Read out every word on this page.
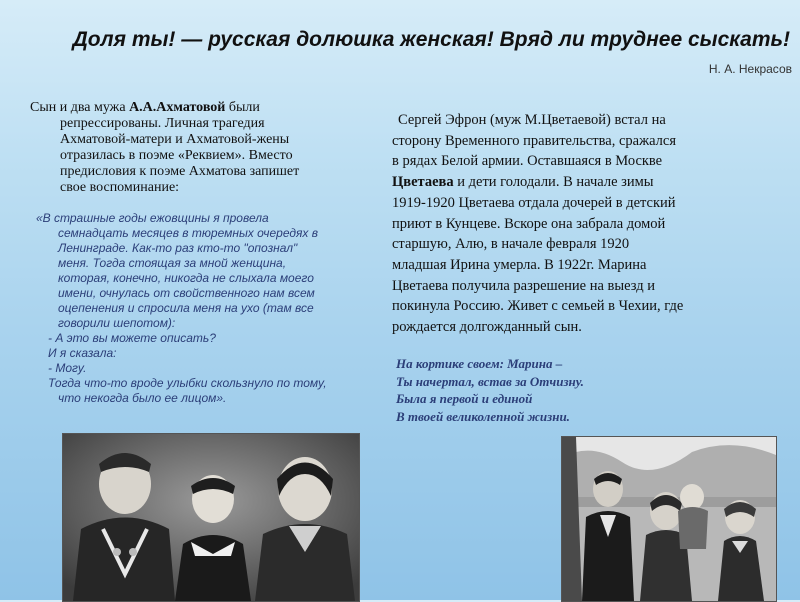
Доля ты! — русская долюшка женская! Вряд ли труднее сыскать!
Н. А. Некрасов
Сын и два мужа А.А.Ахматовой были
репрессированы. Личная трагедия
Ахматовой-матери и Ахматовой-жены
отразилась в поэме «Реквием». Вместо
предисловия к поэме Ахматова запишет
свое воспоминание:

«В страшные годы ежовщины я провела

семнадцать месяцев в тюремных очередях в

Ленинграде. Как-то раз кто-то "опознал"

меня. Тогда стоящая за мной женщина,

которая, конечно, никогда не слыхала моего

имени, очнулась от свойственного нам всем

оцепенения и спросила меня на ухо (там все

говорили шепотом):

- А это вы можете описать?

И я сказала:

- Могу.

Тогда что-то вроде улыбки скользнуло по тому,

что некогда было ее лицом».

Сергей Эфрон (муж М.Цветаевой) встал на
сторону Временного правительства, сражался
в рядах Белой армии. Оставшаяся в Москве
Цветаева и дети голодали. В начале зимы
1919-1920 Цветаева отдала дочерей в детский
приют в Кунцеве. Вскоре она забрала домой
старшую, Алю, в начале февраля 1920
младшая Ирина умерла. В 1922г. Марина
Цветаева получила разрешение на выезд и
покинула Россию. Живет с семьей в Чехии, где
рождается долгожданный сын.
На кортике своем: Марина –
Ты начертал, встав за Отчизну.
Была я первой и единой
В твоей великолепной жизни.
